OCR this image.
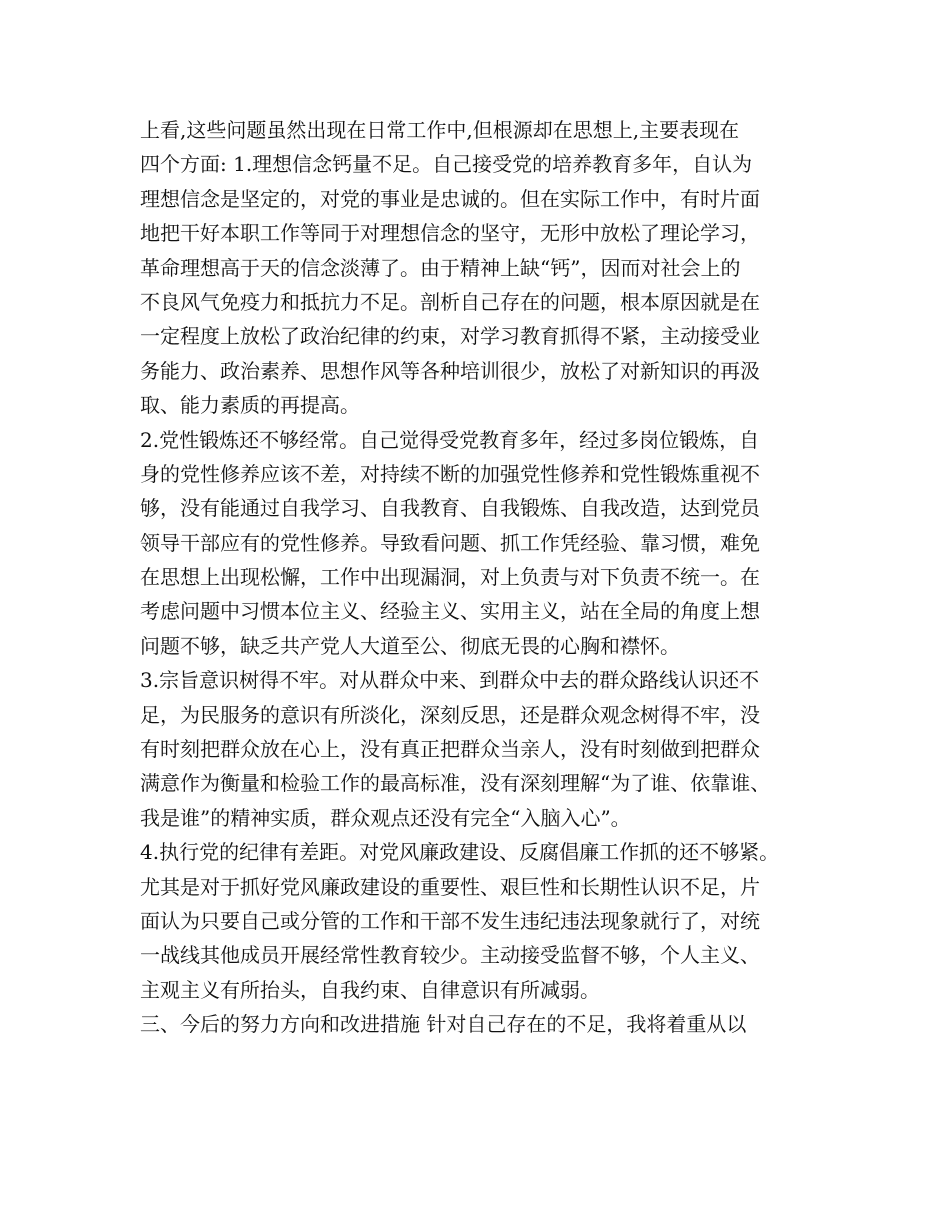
上看,这些问题虽然出现在日常工作中,但根源却在思想上,主要表现在
四个方面: 1.理想信念钙量不足。自己接受党的培养教育多年，自认为
理想信念是坚定的，对党的事业是忠诚的。但在实际工作中，有时片面
地把干好本职工作等同于对理想信念的坚守，无形中放松了理论学习，
革命理想高于天的信念淡薄了。由于精神上缺“钙”，因而对社会上的
不良风气免疫力和抵抗力不足。剖析自己存在的问题，根本原因就是在
一定程度上放松了政治纪律的约束，对学习教育抓得不紧，主动接受业
务能力、政治素养、思想作风等各种培训很少，放松了对新知识的再汲
取、能力素质的再提高。
2.党性锻炼还不够经常。自己觉得受党教育多年，经过多岗位锻炼，自
身的党性修养应该不差，对持续不断的加强党性修养和党性锻炼重视不
够，没有能通过自我学习、自我教育、自我锻炼、自我改造，达到党员
领导干部应有的党性修养。导致看问题、抓工作凭经验、靠习惯，难免
在思想上出现松懈，工作中出现漏洞，对上负责与对下负责不统一。在
考虑问题中习惯本位主义、经验主义、实用主义，站在全局的角度上想
问题不够，缺乏共产党人大道至公、彻底无畏的心胸和襟怀。
3.宗旨意识树得不牢。对从群众中来、到群众中去的群众路线认识还不
足，为民服务的意识有所淡化，深刻反思，还是群众观念树得不牢，没
有时刻把群众放在心上，没有真正把群众当亲人，没有时刻做到把群众
满意作为衡量和检验工作的最高标准，没有深刻理解“为了谁、依靠谁、
我是谁”的精神实质，群众观点还没有完全“入脑入心”。
4.执行党的纪律有差距。对党风廉政建设、反腐倡廉工作抓的还不够紧。
尤其是对于抓好党风廉政建设的重要性、艰巨性和长期性认识不足，片
面认为只要自己或分管的工作和干部不发生违纪违法现象就行了，对统
一战线其他成员开展经常性教育较少。主动接受监督不够，个人主义、
主观主义有所抬头，自我约束、自律意识有所减弱。
三、今后的努力方向和改进措施 针对自己存在的不足，我将着重从以
